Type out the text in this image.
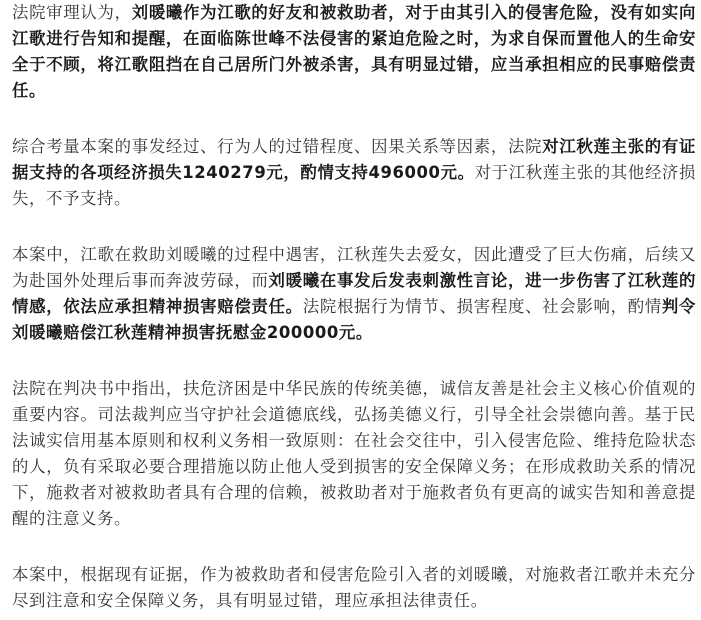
法院审理认为，刘暖曦作为江歌的好友和被救助者，对于由其引入的侵害危险，没有如实向江歌进行告知和提醒，在面临陈世峰不法侵害的紧迫危险之时，为求自保而置他人的生命安全于不顾，将江歌阻挡在自己居所门外被杀害，具有明显过错，应当承担相应的民事赔偿责任。

综合考量本案的事发经过、行为人的过错程度、因果关系等因素，法院对江秋莲主张的有证据支持的各项经济损失1240279元，酌情支持496000元。对于江秋莲主张的其他经济损失，不予支持。

本案中，江歌在救助刘暖曦的过程中遇害，江秋莲失去爱女，因此遭受了巨大伤痛，后续又为赴国外处理后事而奔波劳碌，而刘暖曦在事发后发表刺激性言论，进一步伤害了江秋莲的情感，依法应承担精神损害赔偿责任。法院根据行为情节、损害程度、社会影响，酌情判令刘暖曦赔偿江秋莲精神损害抚慰金200000元。

法院在判决书中指出，扶危济困是中华民族的传统美德，诚信友善是社会主义核心价值观的重要内容。司法裁判应当守护社会道德底线，弘扬美德义行，引导全社会崇德向善。基于民法诚实信用基本原则和权利义务相一致原则：在社会交往中，引入侵害危险、维持危险状态的人，负有采取必要合理措施以防止他人受到损害的安全保障义务；在形成救助关系的情况下，施救者对被救助者具有合理的信赖，被救助者对于施救者负有更高的诚实告知和善意提醒的注意义务。

本案中，根据现有证据，作为被救助者和侵害危险引入者的刘暖曦，对施救者江歌并未充分尽到注意和安全保障义务，具有明显过错，理应承担法律责任。
